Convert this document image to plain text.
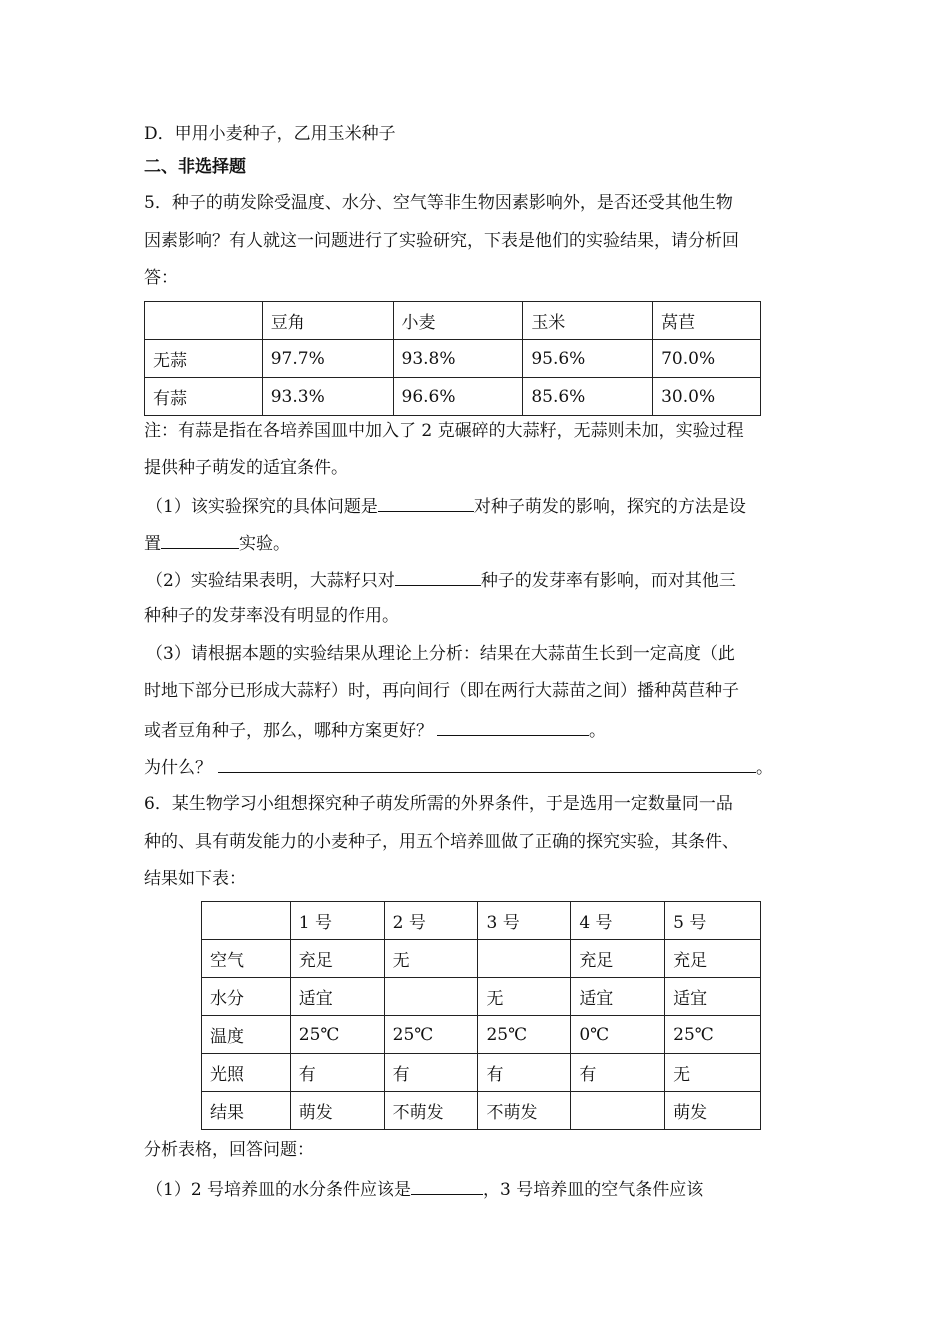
D．甲用小麦种子，乙用玉米种子
二、非选择题
5．种子的萌发除受温度、水分、空气等非生物因素影响外，是否还受其他生物
因素影响？有人就这一问题进行了实验研究，下表是他们的实验结果，请分析回
答：
	豆角	小麦	玉米	莴苣
无蒜	97.7%	93.8%	95.6%	70.0%
有蒜	93.3%	96.6%	85.6%	30.0%
注：有蒜是指在各培养国皿中加入了 2 克碾碎的大蒜籽，无蒜则未加，实验过程
提供种子萌发的适宜条件。
（1）该实验探究的具体问题是	对种子萌发的影响，探究的方法是设
置	实验。
（2）实验结果表明，大蒜籽只对	种子的发芽率有影响，而对其他三
种种子的发芽率没有明显的作用。
（3）请根据本题的实验结果从理论上分析：结果在大蒜苗生长到一定高度（此
时地下部分已形成大蒜籽）时，再向间行（即在两行大蒜苗之间）播种莴苣种子
或者豆角种子，那么，哪种方案更好？	。
为什么？	。
6．某生物学习小组想探究种子萌发所需的外界条件，于是选用一定数量同一品
种的、具有萌发能力的小麦种子，用五个培养皿做了正确的探究实验，其条件、
结果如下表：
	1 号	2 号	3 号	4 号	5 号
空气	充足	无		充足	充足
水分	适宜		无	适宜	适宜
温度	25℃	25℃	25℃	0℃	25℃
光照	有	有	有	有	无
结果	萌发	不萌发	不萌发		萌发
分析表格，回答问题：
（1）2 号培养皿的水分条件应该是	，3 号培养皿的空气条件应该
